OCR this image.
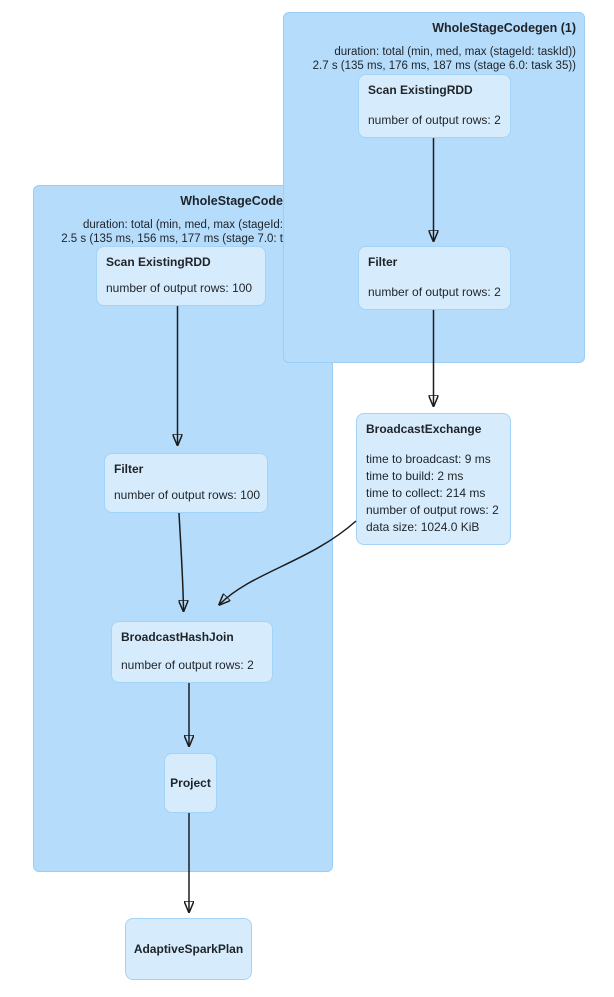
WholeStageCode
duration: total (min, med, max (stageId:
2.5 s (135 ms, 156 ms, 177 ms (stage 7.0: t
Scan ExistingRDD
number of output rows: 100
Filter
number of output rows: 100
BroadcastHashJoin
number of output rows: 2
Project
WholeStageCodegen (1)
duration: total (min, med, max (stageId: taskId))
2.7 s (135 ms, 176 ms, 187 ms (stage 6.0: task 35))
Scan ExistingRDD
number of output rows: 2
Filter
number of output rows: 2
BroadcastExchange
time to broadcast: 9 ms
time to build: 2 ms
time to collect: 214 ms
number of output rows: 2
data size: 1024.0 KiB
AdaptiveSparkPlan
